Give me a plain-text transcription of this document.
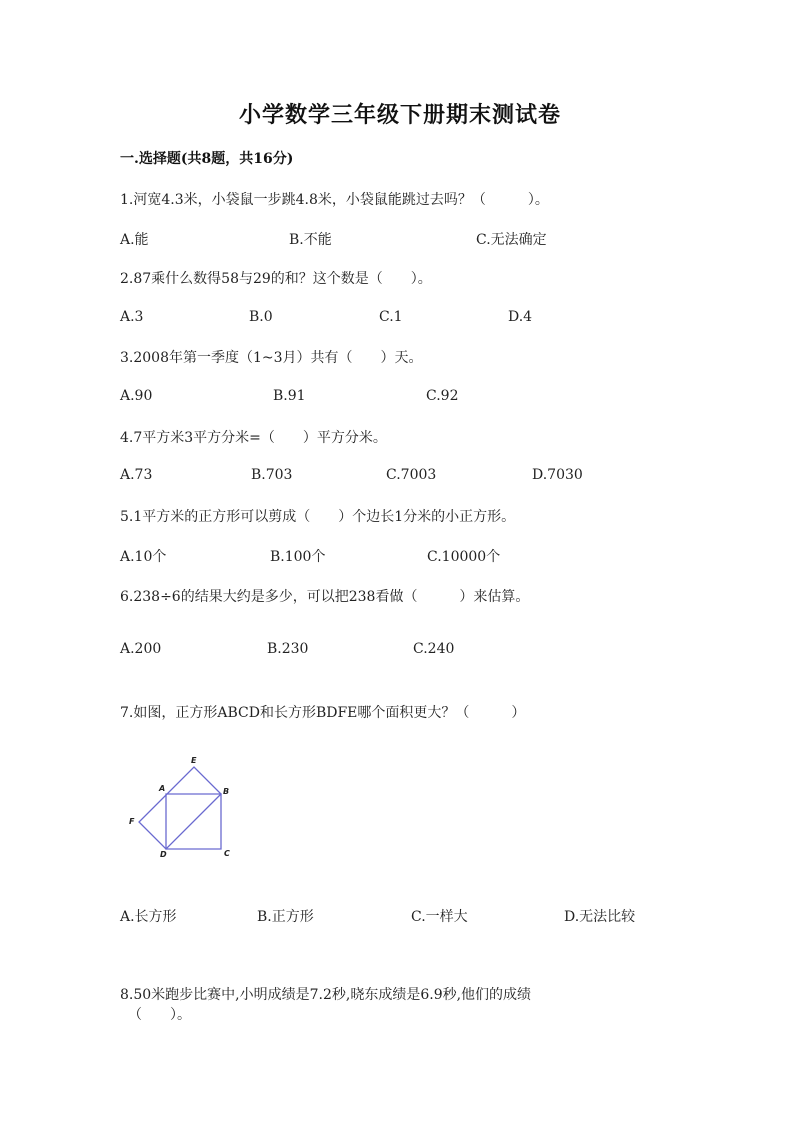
小学数学三年级下册期末测试卷
一.选择题(共8题，共16分)
1.河宽4.3米，小袋鼠一步跳4.8米，小袋鼠能跳过去吗？（　　　）。
A.能	B.不能	C.无法确定
2.87乘什么数得58与29的和？这个数是（　　）。
A.3	B.0	C.1	D.4
3.2008年第一季度（1~3月）共有（　　）天。
A.90	B.91	C.92
4.7平方米3平方分米=（　　）平方分米。
A.73	B.703	C.7003	D.7030
5.1平方米的正方形可以剪成（　　）个边长1分米的小正方形。
A.10个	B.100个	C.10000个
6.238÷6的结果大约是多少，可以把238看做（　　　）来估算。
A.200	B.230	C.240
7.如图，正方形ABCD和长方形BDFE哪个面积更大？（　　　）
E
A	B
F
D	C
A.长方形	B.正方形	C.一样大	D.无法比较
8.50米跑步比赛中,小明成绩是7.2秒,晓东成绩是6.9秒,他们的成绩
（　　）。
